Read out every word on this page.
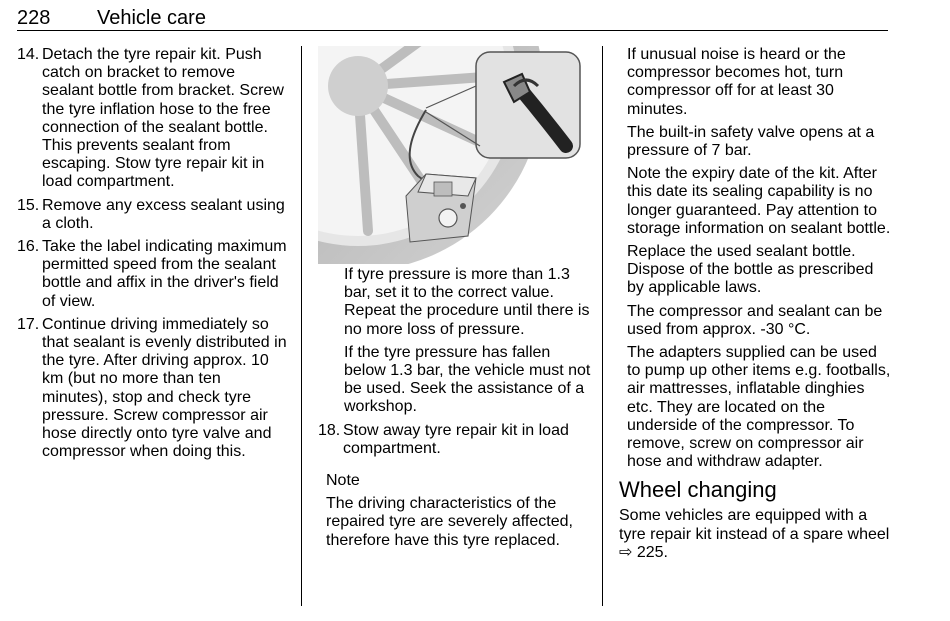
228 Vehicle care
14. Detach the tyre repair kit. Push catch on bracket to remove sealant bottle from bracket. Screw the tyre inflation hose to the free connection of the sealant bottle. This prevents sealant from escaping. Stow tyre repair kit in load compartment.
15. Remove any excess sealant using a cloth.
16. Take the label indicating maximum permitted speed from the sealant bottle and affix in the driver's field of view.
17. Continue driving immediately so that sealant is evenly distributed in the tyre. After driving approx. 10 km (but no more than ten minutes), stop and check tyre pressure. Screw compressor air hose directly onto tyre valve and compressor when doing this.

If tyre pressure is more than 1.3 bar, set it to the correct value. Repeat the procedure until there is no more loss of pressure.

If the tyre pressure has fallen below 1.3 bar, the vehicle must not be used. Seek the assistance of a workshop.

18. Stow away tyre repair kit in load compartment.

Note

The driving characteristics of the repaired tyre are severely affected, therefore have this tyre replaced.

If unusual noise is heard or the compressor becomes hot, turn compressor off for at least 30 minutes.

The built-in safety valve opens at a pressure of 7 bar.

Note the expiry date of the kit. After this date its sealing capability is no longer guaranteed. Pay attention to storage information on sealant bottle.

Replace the used sealant bottle. Dispose of the bottle as prescribed by applicable laws.

The compressor and sealant can be used from approx. -30 °C.

The adapters supplied can be used to pump up other items e.g. footballs, air mattresses, inflatable dinghies etc. They are located on the underside of the compressor. To remove, screw on compressor air hose and withdraw adapter.

Wheel changing

Some vehicles are equipped with a tyre repair kit instead of a spare wheel
⇨ 225.
